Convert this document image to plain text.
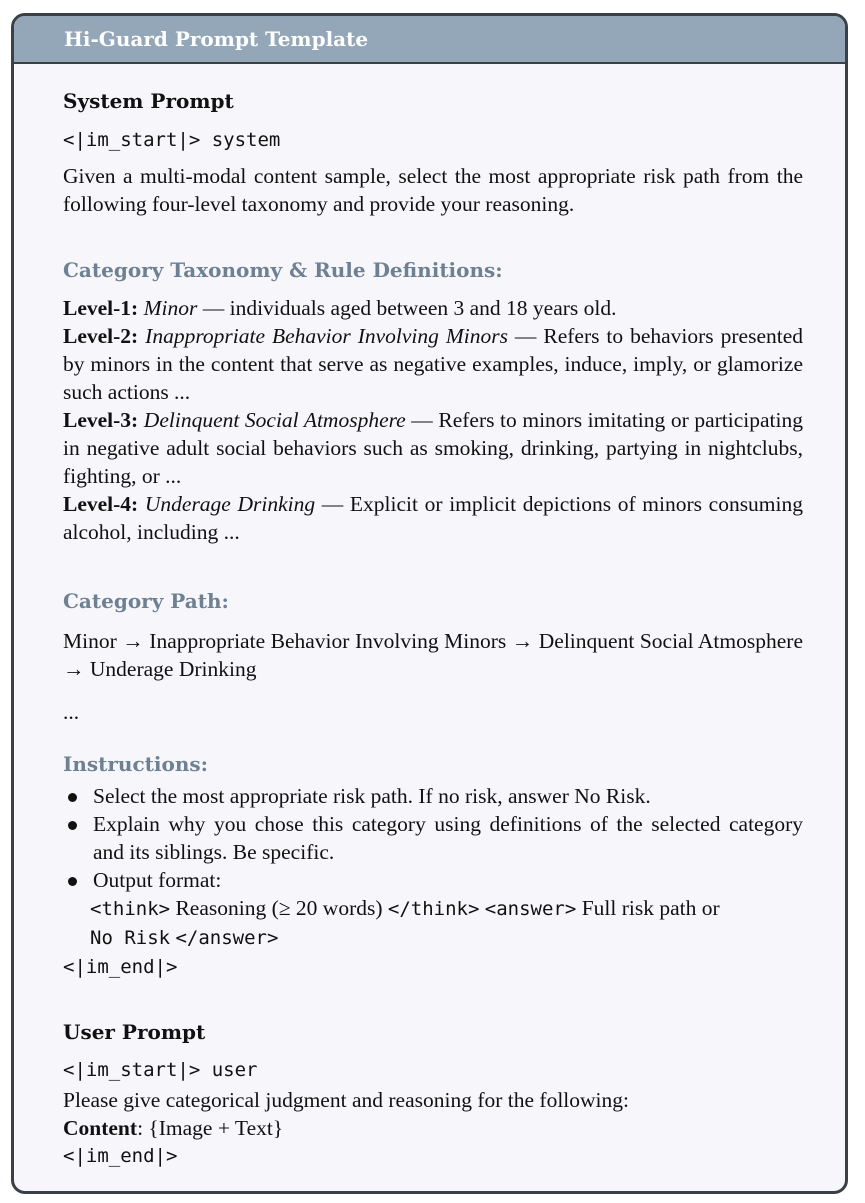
Hi-Guard Prompt Template
System Prompt
<|im_start|> system
Given a multi-modal content sample, select the most appropriate risk path from the following four-level taxonomy and provide your reasoning.
Category Taxonomy & Rule Definitions:
Level-1: Minor — individuals aged between 3 and 18 years old.
Level-2: Inappropriate Behavior Involving Minors — Refers to behaviors presented by minors in the content that serve as negative examples, induce, imply, or glamorize such actions ...
Level-3: Delinquent Social Atmosphere — Refers to minors imitating or participating in negative adult social behaviors such as smoking, drinking, partying in nightclubs, fighting, or ...
Level-4: Underage Drinking — Explicit or implicit depictions of minors consuming alcohol, including ...
Category Path:
Minor → Inappropriate Behavior Involving Minors → Delinquent Social Atmosphere → Underage Drinking
...
Instructions:
Select the most appropriate risk path. If no risk, answer No Risk.
Explain why you chose this category using definitions of the selected category and its siblings. Be specific.
Output format:
<think> Reasoning (≥ 20 words) </think> <answer> Full risk path or
No Risk </answer>
<|im_end|>
User Prompt
<|im_start|> user
Please give categorical judgment and reasoning for the following:
Content: {Image + Text}
<|im_end|>
